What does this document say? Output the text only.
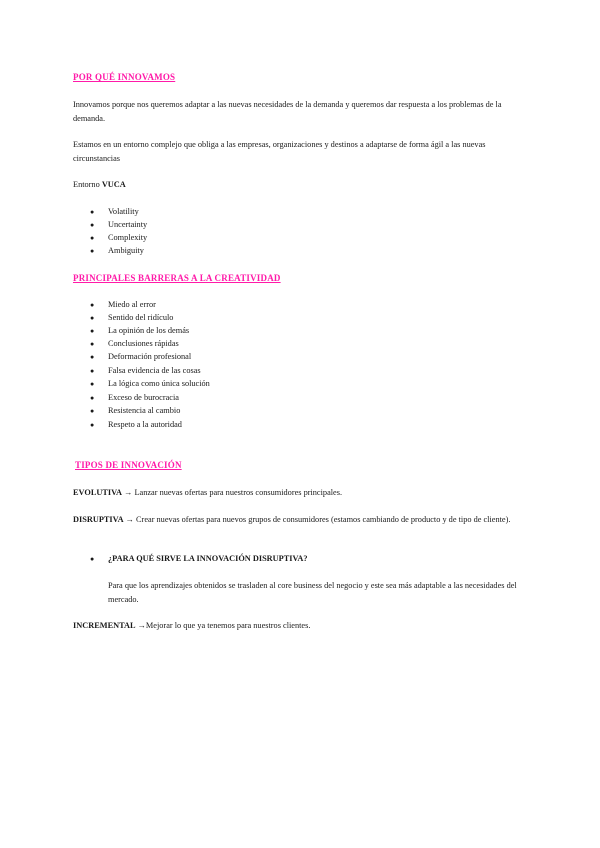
POR QUÉ INNOVAMOS
Innovamos porque nos queremos adaptar a las nuevas necesidades de la demanda y queremos dar respuesta a los problemas de la demanda.
Estamos en un entorno complejo que obliga a las empresas, organizaciones y destinos a adaptarse de forma ágil a las nuevas circunstancias
Entorno VUCA
● Volatility
● Uncertainty
● Complexity
● Ambiguity
PRINCIPALES BARRERAS A LA CREATIVIDAD
● Miedo al error
● Sentido del ridículo
● La opinión de los demás
● Conclusiones rápidas
● Deformación profesional
● Falsa evidencia de las cosas
● La lógica como única solución
● Exceso de burocracia
● Resistencia al cambio
● Respeto a la autoridad
TIPOS DE INNOVACIÓN
EVOLUTIVA → Lanzar nuevas ofertas para nuestros consumidores principales.
DISRUPTIVA → Crear nuevas ofertas para nuevos grupos de consumidores (estamos cambiando de producto y de tipo de cliente).
● ¿PARA QUÉ SIRVE LA INNOVACIÓN DISRUPTIVA?
Para que los aprendizajes obtenidos se trasladen al core business del negocio y este sea más adaptable a las necesidades del mercado.
INCREMENTAL →Mejorar lo que ya tenemos para nuestros clientes.
